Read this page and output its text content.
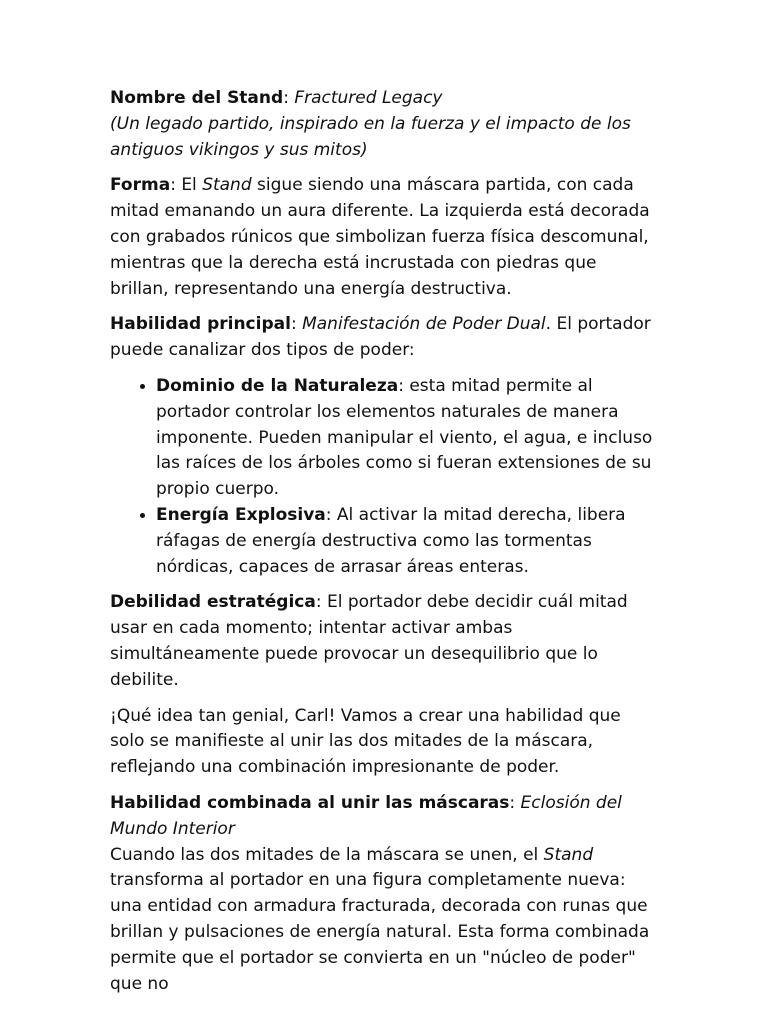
Nombre del Stand: Fractured Legacy

(Un legado partido, inspirado en la fuerza y el impacto de los antiguos vikingos y sus mitos)

Forma: El Stand sigue siendo una máscara partida, con cada mitad emanando un aura diferente. La izquierda está decorada con grabados rúnicos que simbolizan fuerza física descomunal, mientras que la derecha está incrustada con piedras que brillan, representando una energía destructiva.

Habilidad principal: Manifestación de Poder Dual. El portador puede canalizar dos tipos de poder:

• Dominio de la Naturaleza: esta mitad permite al portador controlar los elementos naturales de manera imponente. Pueden manipular el viento, el agua, e incluso las raíces de los árboles como si fueran extensiones de su propio cuerpo.
• Energía Explosiva: Al activar la mitad derecha, libera ráfagas de energía destructiva como las tormentas nórdicas, capaces de arrasar áreas enteras.

Debilidad estratégica: El portador debe decidir cuál mitad usar en cada momento; intentar activar ambas simultáneamente puede provocar un desequilibrio que lo debilite.

¡Qué idea tan genial, Carl! Vamos a crear una habilidad que solo se manifieste al unir las dos mitades de la máscara, reflejando una combinación impresionante de poder.

Habilidad combinada al unir las máscaras: Eclosión del Mundo Interior

Cuando las dos mitades de la máscara se unen, el Stand transforma al portador en una figura completamente nueva: una entidad con armadura fracturada, decorada con runas que brillan y pulsaciones de energía natural. Esta forma combinada permite que el portador se convierta en un "núcleo de poder" que no
